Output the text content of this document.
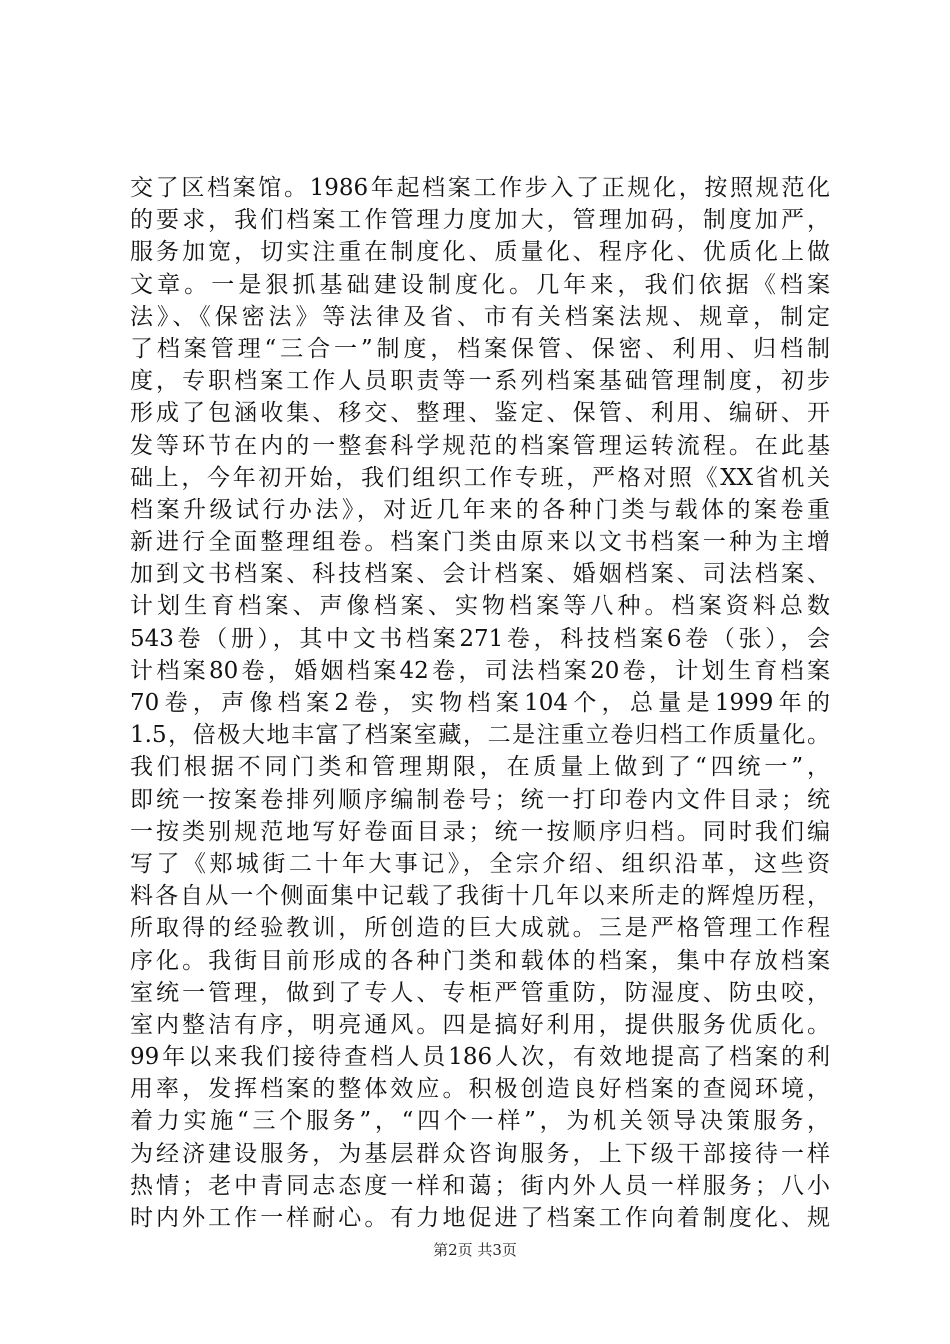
交了区档案馆。1986年起档案工作步入了正规化，按照规范化
的要求，我们档案工作管理力度加大，管理加码，制度加严，
服务加宽，切实注重在制度化、质量化、程序化、优质化上做
文章。一是狠抓基础建设制度化。几年来，我们依据《档案
法》、《保密法》等法律及省、市有关档案法规、规章，制定
了档案管理“三合一”制度，档案保管、保密、利用、归档制
度，专职档案工作人员职责等一系列档案基础管理制度，初步
形成了包涵收集、移交、整理、鉴定、保管、利用、编研、开
发等环节在内的一整套科学规范的档案管理运转流程。在此基
础上，今年初开始，我们组织工作专班，严格对照《XX省机关
档案升级试行办法》，对近几年来的各种门类与载体的案卷重
新进行全面整理组卷。档案门类由原来以文书档案一种为主增
加到文书档案、科技档案、会计档案、婚姻档案、司法档案、
计划生育档案、声像档案、实物档案等八种。档案资料总数
543卷（册），其中文书档案271卷，科技档案6卷（张），会
计档案80卷，婚姻档案42卷，司法档案20卷，计划生育档案
70卷，声像档案2卷，实物档案104个，总量是1999年的
1.5，倍极大地丰富了档案室藏，二是注重立卷归档工作质量化。
我们根据不同门类和管理期限，在质量上做到了“四统一”，
即统一按案卷排列顺序编制卷号；统一打印卷内文件目录；统
一按类别规范地写好卷面目录；统一按顺序归档。同时我们编
写了《郏城街二十年大事记》，全宗介绍、组织沿革，这些资
料各自从一个侧面集中记载了我街十几年以来所走的辉煌历程，
所取得的经验教训，所创造的巨大成就。三是严格管理工作程
序化。我街目前形成的各种门类和载体的档案，集中存放档案
室统一管理，做到了专人、专柜严管重防，防湿度、防虫咬，
室内整洁有序，明亮通风。四是搞好利用，提供服务优质化。
99年以来我们接待查档人员186人次，有效地提高了档案的利
用率，发挥档案的整体效应。积极创造良好档案的查阅环境，
着力实施“三个服务”，“四个一样”，为机关领导决策服务，
为经济建设服务，为基层群众咨询服务，上下级干部接待一样
热情；老中青同志态度一样和蔼；街内外人员一样服务；八小
时内外工作一样耐心。有力地促进了档案工作向着制度化、规
第2页 共3页
